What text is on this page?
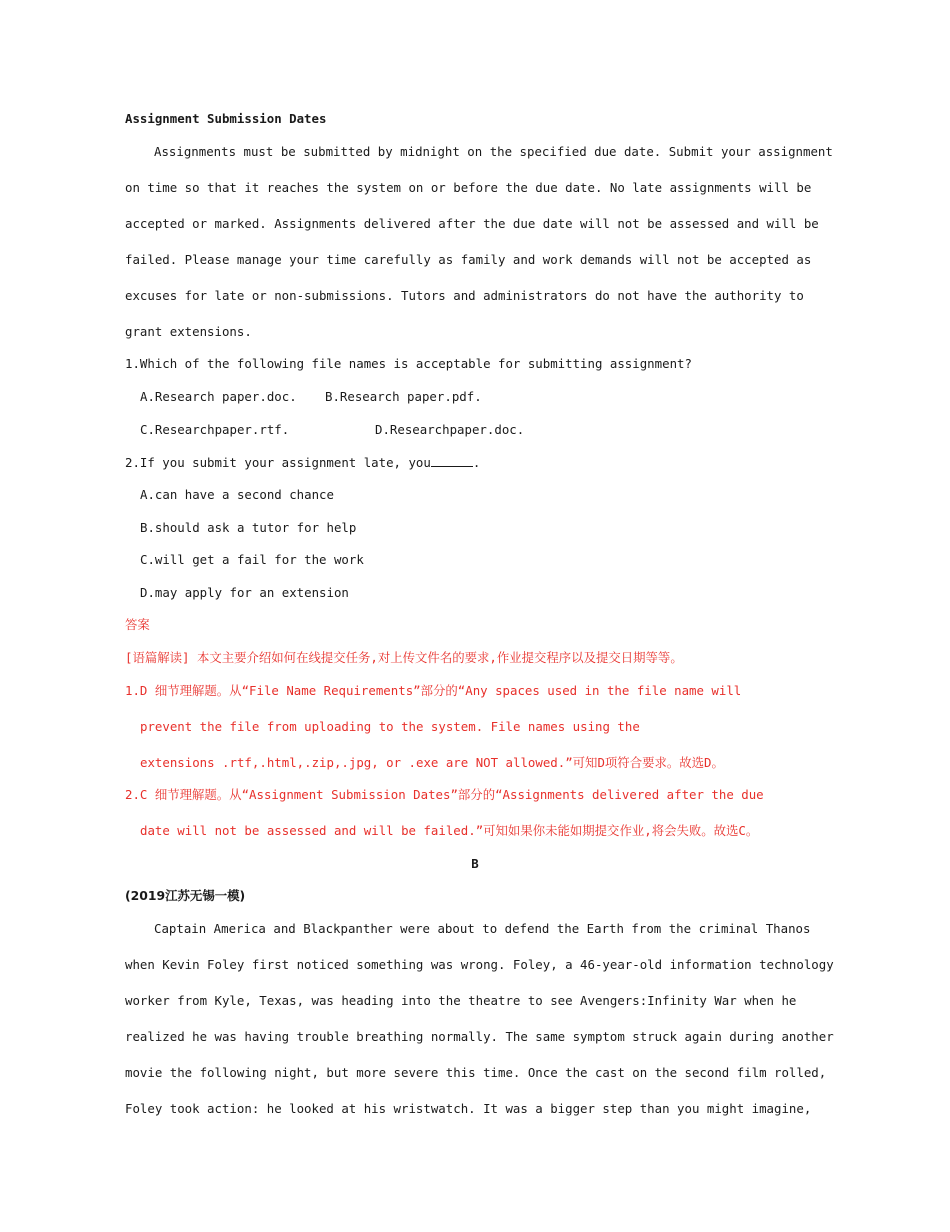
Assignment Submission Dates
Assignments must be submitted by midnight on the specified due date. Submit your assignment
on time so that it reaches the system on or before the due date. No late assignments will be
accepted or marked. Assignments delivered after the due date will not be assessed and will be
failed. Please manage your time carefully as family and work demands will not be accepted as
excuses for late or non-submissions. Tutors and administrators do not have the authority to
grant extensions.
1.Which of the following file names is acceptable for submitting assignment?
A.Research paper.doc. B.Research paper.pdf.
C.Researchpaper.rtf.	D.Researchpaper.doc.
2.If you submit your assignment late, you	.
A.can have a second chance
B.should ask a tutor for help
C.will get a fail for the work
D.may apply for an extension
答案
[语篇解读] 本文主要介绍如何在线提交任务,对上传文件名的要求,作业提交程序以及提交日期等等。
1.D 细节理解题。从“File Name Requirements”部分的“Any spaces used in the file name will
prevent the file from uploading to the system. File names using the
extensions .rtf,.html,.zip,.jpg, or .exe are NOT allowed.”可知D项符合要求。故选D。
2.C 细节理解题。从“Assignment Submission Dates”部分的“Assignments delivered after the due
date will not be assessed and will be failed.”可知如果你未能如期提交作业,将会失败。故选C。
B
(2019江苏无锡一模)
Captain America and Blackpanther were about to defend the Earth from the criminal Thanos
when Kevin Foley first noticed something was wrong. Foley, a 46-year-old information technology
worker from Kyle, Texas, was heading into the theatre to see Avengers:Infinity War when he
realized he was having trouble breathing normally. The same symptom struck again during another
movie the following night, but more severe this time. Once the cast on the second film rolled,
Foley took action: he looked at his wristwatch. It was a bigger step than you might imagine,
